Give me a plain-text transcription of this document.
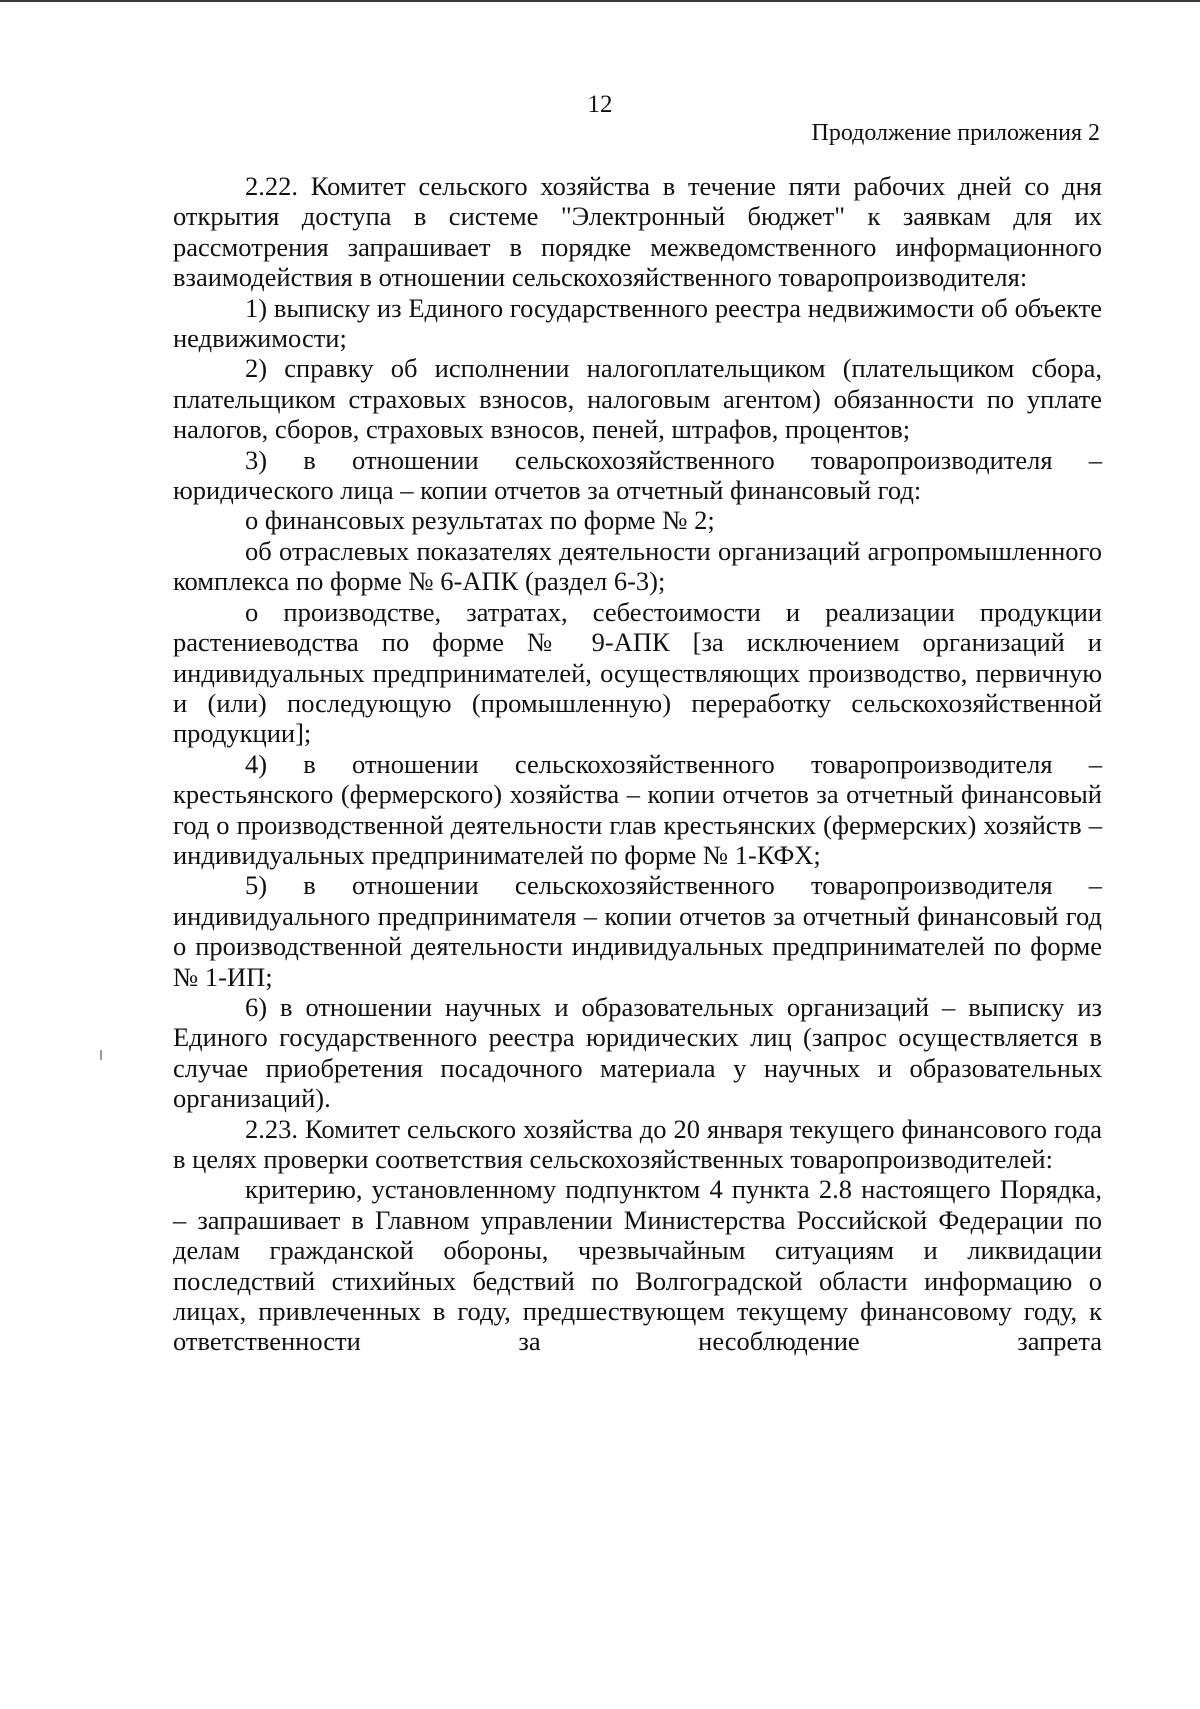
12
Продолжение приложения 2

2.22. Комитет сельского хозяйства в течение пяти рабочих дней со дня открытия доступа в системе "Электронный бюджет" к заявкам для их рассмотрения запрашивает в порядке межведомственного информационного взаимодействия в отношении сельскохозяйственного товаропроизводителя:

1) выписку из Единого государственного реестра недвижимости об объекте недвижимости;

2) справку об исполнении налогоплательщиком (плательщиком сбора, плательщиком страховых взносов, налоговым агентом) обязанности по уплате налогов, сборов, страховых взносов, пеней, штрафов, процентов;

3) в отношении сельскохозяйственного товаропроизводителя – юридического лица – копии отчетов за отчетный финансовый год:

о финансовых результатах по форме № 2;

об отраслевых показателях деятельности организаций агропромышленного комплекса по форме № 6-АПК (раздел 6-3);

о производстве, затратах, себестоимости и реализации продукции растениеводства по форме № 9-АПК [за исключением организаций и индивидуальных предпринимателей, осуществляющих производство, первичную и (или) последующую (промышленную) переработку сельскохозяйственной продукции];

4) в отношении сельскохозяйственного товаропроизводителя – крестьянского (фермерского) хозяйства – копии отчетов за отчетный финансовый год о производственной деятельности глав крестьянских (фермерских) хозяйств – индивидуальных предпринимателей по форме № 1-КФХ;

5) в отношении сельскохозяйственного товаропроизводителя – индивидуального предпринимателя – копии отчетов за отчетный финансовый год о производственной деятельности индивидуальных предпринимателей по форме № 1-ИП;

6) в отношении научных и образовательных организаций – выписку из Единого государственного реестра юридических лиц (запрос осуществляется в случае приобретения посадочного материала у научных и образовательных организаций).

2.23. Комитет сельского хозяйства до 20 января текущего финансового года в целях проверки соответствия сельскохозяйственных товаропроизводителей:

критерию, установленному подпунктом 4 пункта 2.8 настоящего Порядка, – запрашивает в Главном управлении Министерства Российской Федерации по делам гражданской обороны, чрезвычайным ситуациям и ликвидации последствий стихийных бедствий по Волгоградской области информацию о лицах, привлеченных в году, предшествующем текущему финансовому году, к ответственности за несоблюдение запрета
